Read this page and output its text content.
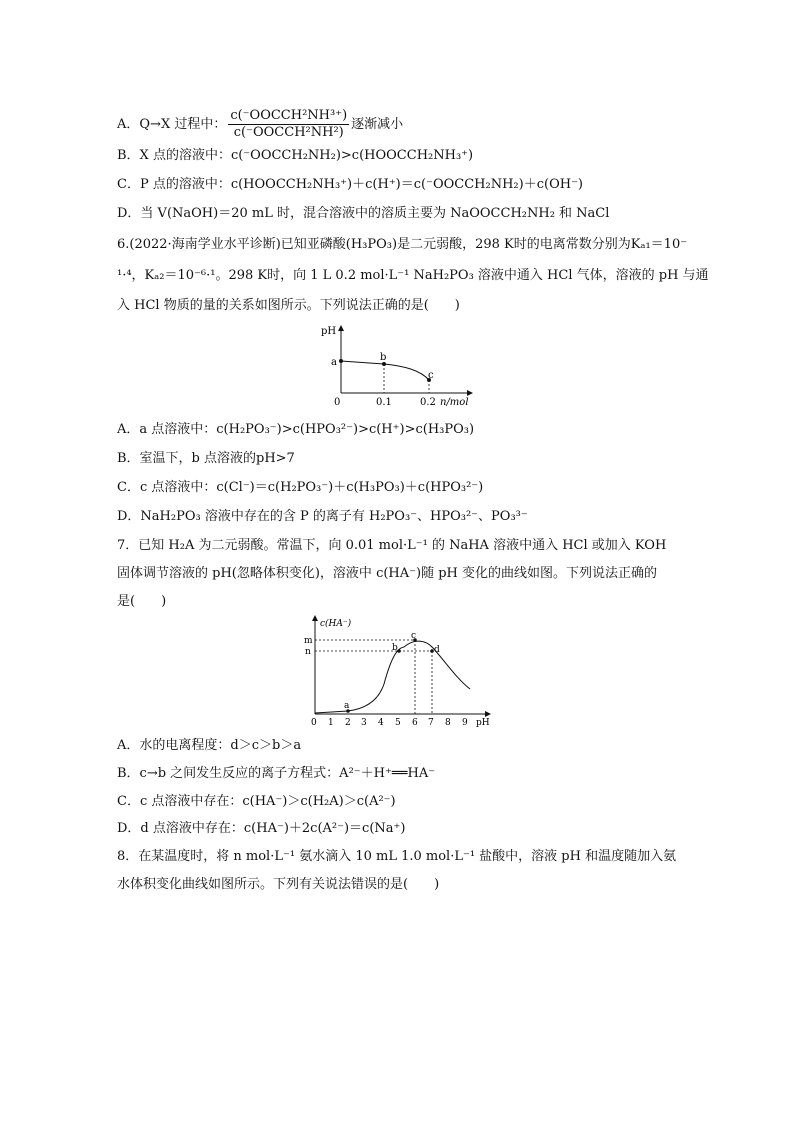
A．Q→X 过程中： $\frac{\text{c(⁻OOCCH²NH³⁺)}}{\text{c(⁻OOCCH²NH²)}}$ 逐渐减小
B．X 点的溶液中：c(⁻OOCCH₂NH₂)>c(HOOCCH₂NH₃⁺)
C．P 点的溶液中：c(HOOCCH₂NH₃⁺)＋c(H⁺)＝c(⁻OOCCH₂NH₂)＋c(OH⁻)
D．当 V(NaOH)＝20 mL 时，混合溶液中的溶质主要为 NaOOCCH₂NH₂ 和 NaCl
6.(2022·海南学业水平诊断)已知亚磷酸(H₃PO₃)是二元弱酸，298 K时的电离常数分别为Kₐ₁＝10⁻
¹·⁴，Kₐ₂＝10⁻⁶·¹。298 K时，向 1 L 0.2 mol·L⁻¹ NaH₂PO₃ 溶液中通入 HCl 气体，溶液的 pH 与通
入 HCl 物质的量的关系如图所示。下列说法正确的是(　　)
pH
a	b
c
0	0.1	0.2 n/mol
A．a 点溶液中：c(H₂PO₃⁻)>c(HPO₃²⁻)>c(H⁺)>c(H₃PO₃)
B．室温下，b 点溶液的pH>7
C．c 点溶液中：c(Cl⁻)＝c(H₂PO₃⁻)＋c(H₃PO₃)＋c(HPO₃²⁻)
D．NaH₂PO₃ 溶液中存在的含 P 的离子有 H₂PO₃⁻、HPO₃²⁻、PO₃³⁻
7．已知 H₂A 为二元弱酸。常温下，向 0.01 mol·L⁻¹ 的 NaHA 溶液中通入 HCl 或加入 KOH
固体调节溶液的 pH(忽略体积变化)，溶液中 c(HA⁻)随 pH 变化的曲线如图。下列说法正确的
是(　　)
c(HA⁻)
m
n
a
b
c
d
0 1 2 3 4 5 6 7 8 9 pH
A．水的电离程度：d＞c＞b＞a
B．c→b 之间发生反应的离子方程式：A²⁻＋H⁺══HA⁻
C．c 点溶液中存在：c(HA⁻)＞c(H₂A)＞c(A²⁻)
D．d 点溶液中存在：c(HA⁻)＋2c(A²⁻)＝c(Na⁺)
8．在某温度时，将 n mol·L⁻¹ 氨水滴入 10 mL 1.0 mol·L⁻¹ 盐酸中，溶液 pH 和温度随加入氨
水体积变化曲线如图所示。下列有关说法错误的是(　　)
